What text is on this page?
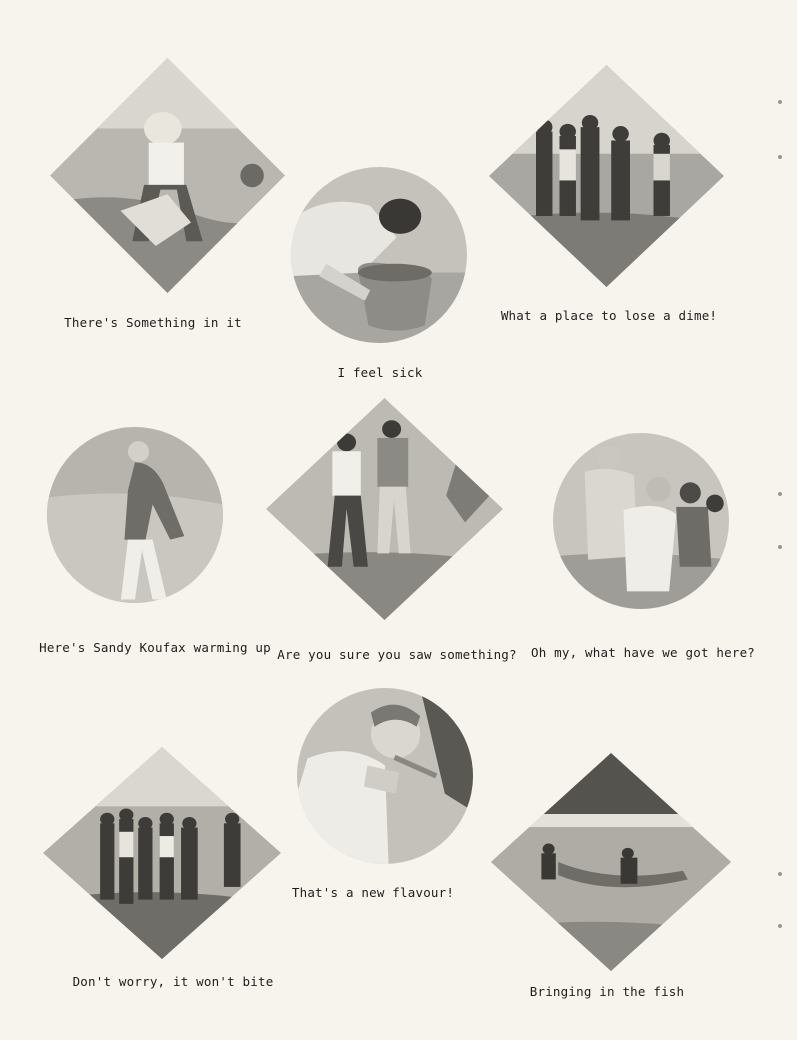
There's Something in it
I feel sick
What a place to lose a dime!
Here's Sandy Koufax warming up Are you sure you saw something? Oh my, what have we got here?
Don't worry, it won't bite
That's a new flavour!
Bringing in the fish
